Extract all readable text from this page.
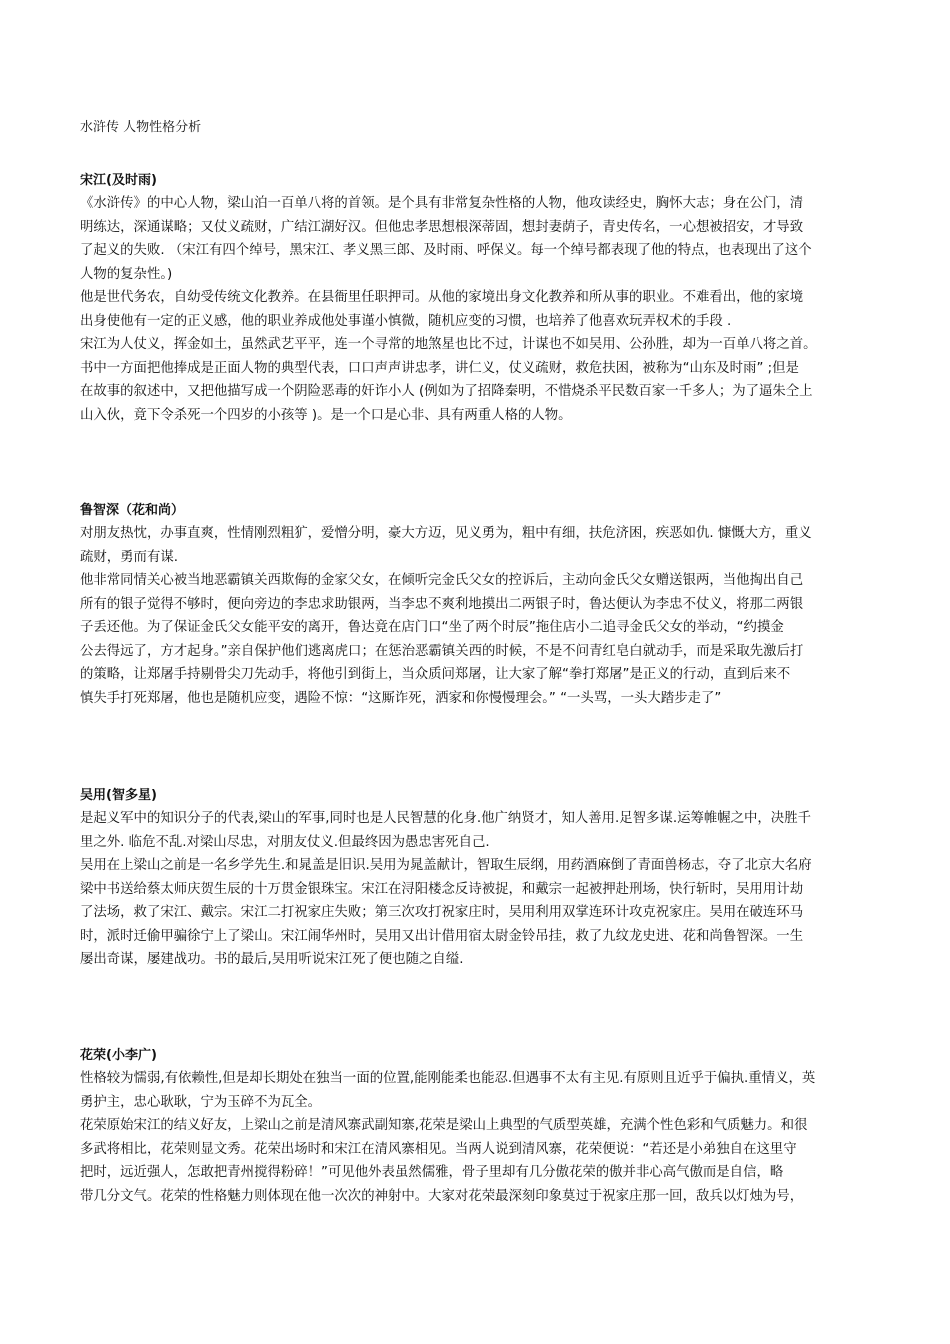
水浒传 人物性格分析
宋江(及时雨)
《水浒传》的中心人物，梁山泊一百单八将的首领。是个具有非常复杂性格的人物，他攻读经史，胸怀大志；身在公门，清
明练达，深通谋略；又仗义疏财，广结江湖好汉。但他忠孝思想根深蒂固，想封妻荫子，青史传名，一心想被招安，才导致
了起义的失败. （宋江有四个绰号，黑宋江、孝义黑三郎、及时雨、呼保义。每一个绰号都表现了他的特点，也表现出了这个
人物的复杂性。)
他是世代务农，自幼受传统文化教养。在县衙里任职押司。从他的家境出身文化教养和所从事的职业。不难看出，他的家境
出身使他有一定的正义感，他的职业养成他处事谨小慎微，随机应变的习惯，也培养了他喜欢玩弄权术的手段 .
宋江为人仗义，挥金如土，虽然武艺平平，连一个寻常的地煞星也比不过，计谋也不如吴用、公孙胜，却为一百单八将之首。
书中一方面把他捧成是正面人物的典型代表，口口声声讲忠孝，讲仁义，仗义疏财，救危扶困，被称为“山东及时雨” ;但是
在故事的叙述中，又把他描写成一个阴险恶毒的奸诈小人 (例如为了招降秦明，不惜烧杀平民数百家一千多人；为了逼朱仝上
山入伙，竟下令杀死一个四岁的小孩等 )。是一个口是心非、具有两重人格的人物。
鲁智深（花和尚）
对朋友热忱，办事直爽，性情刚烈粗犷，爱憎分明，豪大方迈，见义勇为，粗中有细，扶危济困，疾恶如仇. 慷慨大方，重义
疏财，勇而有谋.
他非常同情关心被当地恶霸镇关西欺侮的金家父女，在倾听完金氏父女的控诉后，主动向金氏父女赠送银两，当他掏出自己
所有的银子觉得不够时，便向旁边的李忠求助银两，当李忠不爽利地摸出二两银子时，鲁达便认为李忠不仗义，将那二两银
子丢还他。为了保证金氏父女能平安的离开，鲁达竟在店门口“坐了两个时辰”拖住店小二追寻金氏父女的举动，“约摸金
公去得远了，方才起身。”亲自保护他们逃离虎口；在惩治恶霸镇关西的时候，不是不问青红皂白就动手，而是采取先激后打
的策略，让郑屠手持剔骨尖刀先动手，将他引到街上，当众质问郑屠，让大家了解“拳打郑屠”是正义的行动，直到后来不
慎失手打死郑屠，他也是随机应变，遇险不惊：“这厮诈死，洒家和你慢慢理会。” “一头骂，一头大踏步走了”
吴用(智多星)
是起义军中的知识分子的代表,梁山的军事,同时也是人民智慧的化身.他广纳贤才，知人善用.足智多谋.运筹帷幄之中，决胜千
里之外. 临危不乱.对梁山尽忠，对朋友仗义.但最终因为愚忠害死自己.
吴用在上梁山之前是一名乡学先生.和晁盖是旧识.吴用为晁盖献计，智取生辰纲，用药酒麻倒了青面兽杨志，夺了北京大名府
梁中书送给蔡太师庆贺生辰的十万贯金银珠宝。宋江在浔阳楼念反诗被捉，和戴宗一起被押赴刑场，快行斩时，吴用用计劫
了法场，救了宋江、戴宗。宋江二打祝家庄失败；第三次攻打祝家庄时，吴用利用双掌连环计攻克祝家庄。吴用在破连环马
时，派时迁偷甲骗徐宁上了梁山。宋江闹华州时，吴用又出计借用宿太尉金铃吊挂，救了九纹龙史进、花和尚鲁智深。一生
屡出奇谋，屡建战功。书的最后,吴用听说宋江死了便也随之自缢.
花荣(小李广)
性格较为懦弱,有依赖性,但是却长期处在独当一面的位置,能刚能柔也能忍.但遇事不太有主见.有原则且近乎于偏执.重情义，英
勇护主，忠心耿耿，宁为玉碎不为瓦全。
花荣原始宋江的结义好友，上梁山之前是清风寨武副知寨,花荣是梁山上典型的气质型英雄，充满个性色彩和气质魅力。和很
多武将相比，花荣则显文秀。花荣出场时和宋江在清风寨相见。当两人说到清风寨，花荣便说：“若还是小弟独自在这里守
把时，远近强人，怎敢把青州搅得粉碎！”可见他外表虽然儒雅，骨子里却有几分傲花荣的傲并非心高气傲而是自信，略
带几分文气。花荣的性格魅力则体现在他一次次的神射中。大家对花荣最深刻印象莫过于祝家庄那一回，敌兵以灯烛为号，
